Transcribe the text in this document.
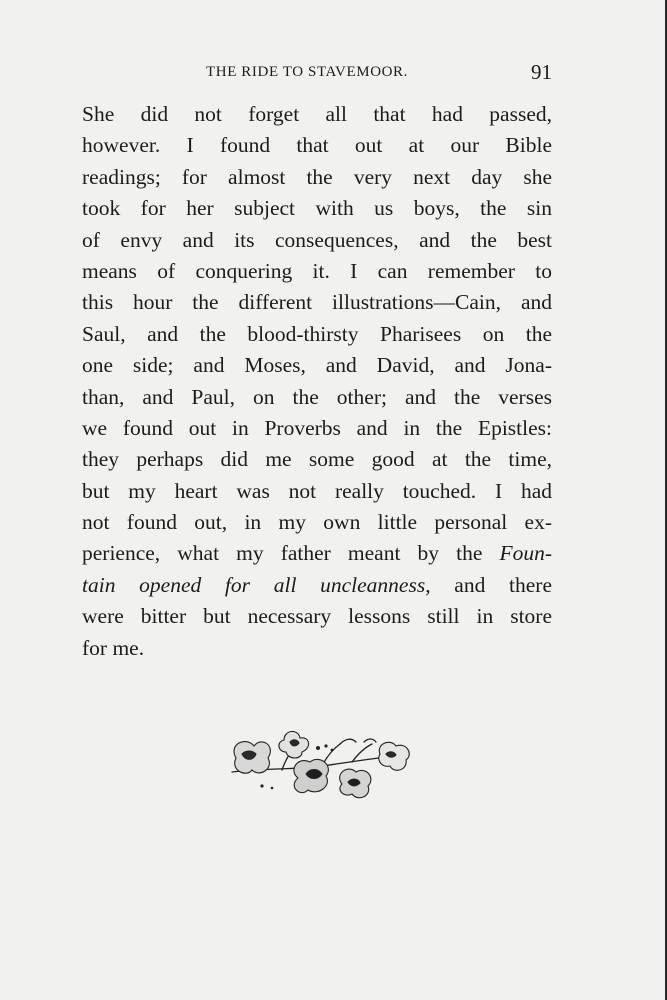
THE RIDE TO STAVEMOOR.	91
She did not forget all that had passed,
however. I found that out at our Bible
readings; for almost the very next day she
took for her subject with us boys, the sin
of envy and its consequences, and the best
means of conquering it. I can remember to
this hour the different illustrations—Cain, and
Saul, and the blood-thirsty Pharisees on the
one side; and Moses, and David, and Jona-
than, and Paul, on the other; and the verses
we found out in Proverbs and in the Epistles:
they perhaps did me some good at the time,
but my heart was not really touched. I had
not found out, in my own little personal ex-
perience, what my father meant by the Foun-
tain opened for all uncleanness, and there
were bitter but necessary lessons still in store
for me.
